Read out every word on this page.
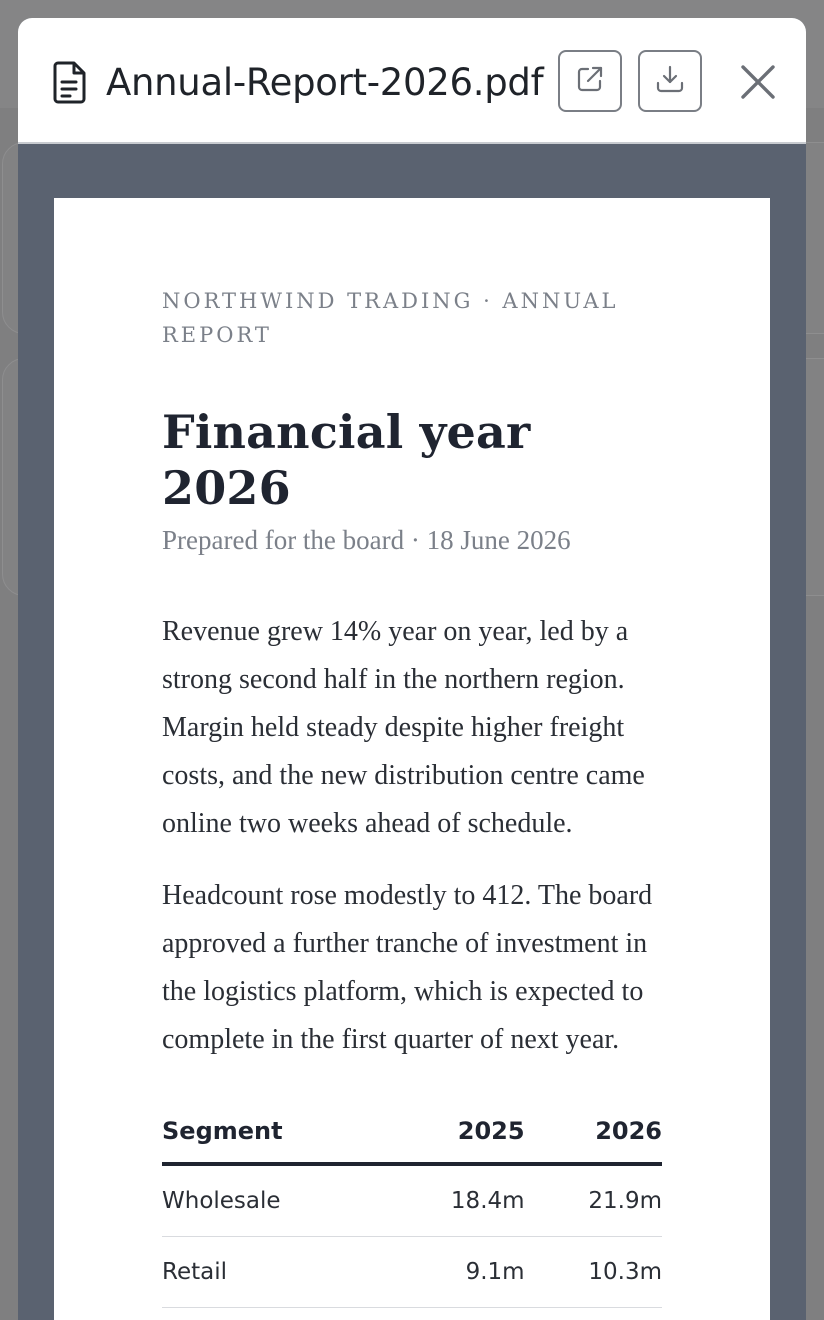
Annual-Report-2026.pdf

NORTHWIND TRADING · ANNUAL REPORT

Financial year 2026

Prepared for the board · 18 June 2026

Revenue grew 14% year on year, led by a strong second half in the northern region. Margin held steady despite higher freight costs, and the new distribution centre came online two weeks ahead of schedule.

Headcount rose modestly to 412. The board approved a further tranche of investment in the logistics platform, which is expected to complete in the first quarter of next year.

Segment	2025	2026
Wholesale	18.4m	21.9m
Retail	9.1m	10.3m
